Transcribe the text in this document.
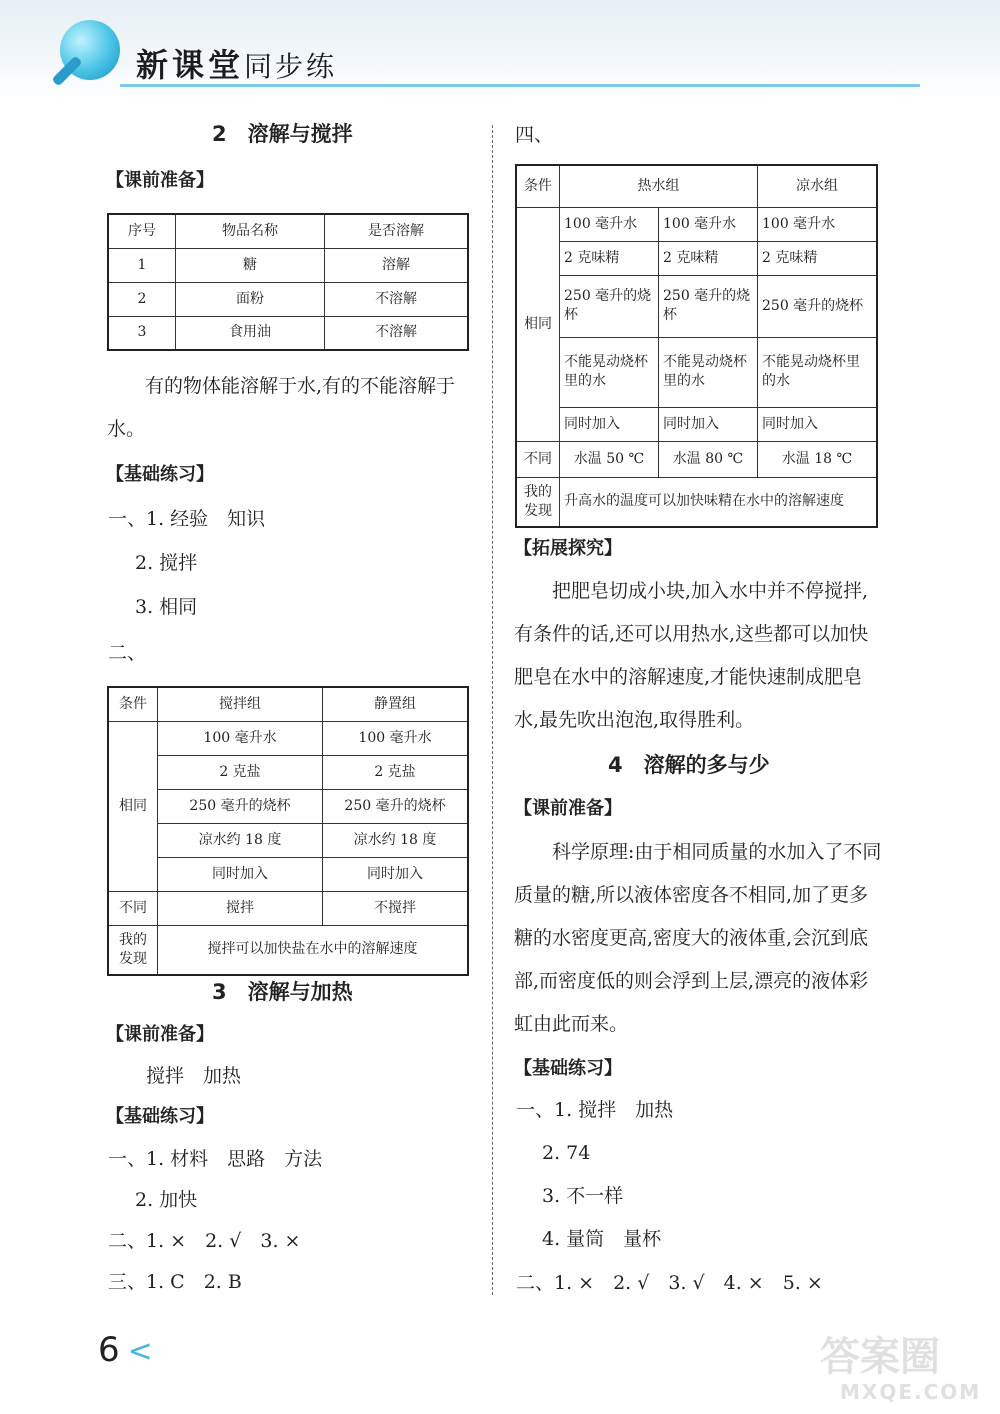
新课堂同步练
2　溶解与搅拌
【课前准备】
序号	物品名称	是否溶解
1	糖	溶解
2	面粉	不溶解
3	食用油	不溶解
有的物体能溶解于水,有的不能溶解于水。
【基础练习】
一、1. 经验　知识
2. 搅拌
3. 相同
二、
条件	搅拌组	静置组
相同	100 毫升水	100 毫升水
	2 克盐	2 克盐
	250 毫升的烧杯	250 毫升的烧杯
	凉水约 18 度	凉水约 18 度
	同时加入	同时加入
不同	搅拌	不搅拌
我的发现	搅拌可以加快盐在水中的溶解速度	
3　溶解与加热
【课前准备】
搅拌　加热
【基础练习】
一、1. 材料　思路　方法
2. 加快
二、1. ×　2. √　3. ×
三、1. C　2. B
四、
条件	热水组		凉水组
相同	100 毫升水	100 毫升水	100 毫升水
	2 克味精	2 克味精	2 克味精
	250 毫升的烧杯	250 毫升的烧杯	250 毫升的烧杯
	不能晃动烧杯里的水	不能晃动烧杯里的水	不能晃动烧杯里的水
	同时加入	同时加入	同时加入
不同	水温 50 ℃	水温 80 ℃	水温 18 ℃
我的发现	升高水的温度可以加快味精在水中的溶解速度		
【拓展探究】
把肥皂切成小块,加入水中并不停搅拌,有条件的话,还可以用热水,这些都可以加快肥皂在水中的溶解速度,才能快速制成肥皂水,最先吹出泡泡,取得胜利。
4　溶解的多与少
【课前准备】
科学原理:由于相同质量的水加入了不同质量的糖,所以液体密度各不相同,加了更多糖的水密度更高,密度大的液体重,会沉到底部,而密度低的则会浮到上层,漂亮的液体彩虹由此而来。
【基础练习】
一、1. 搅拌　加热
2. 74
3. 不一样
4. 量筒　量杯
二、1. ×　2. √　3. √　4. ×　5. ×
6 <	答案圈
MXQE.COM
